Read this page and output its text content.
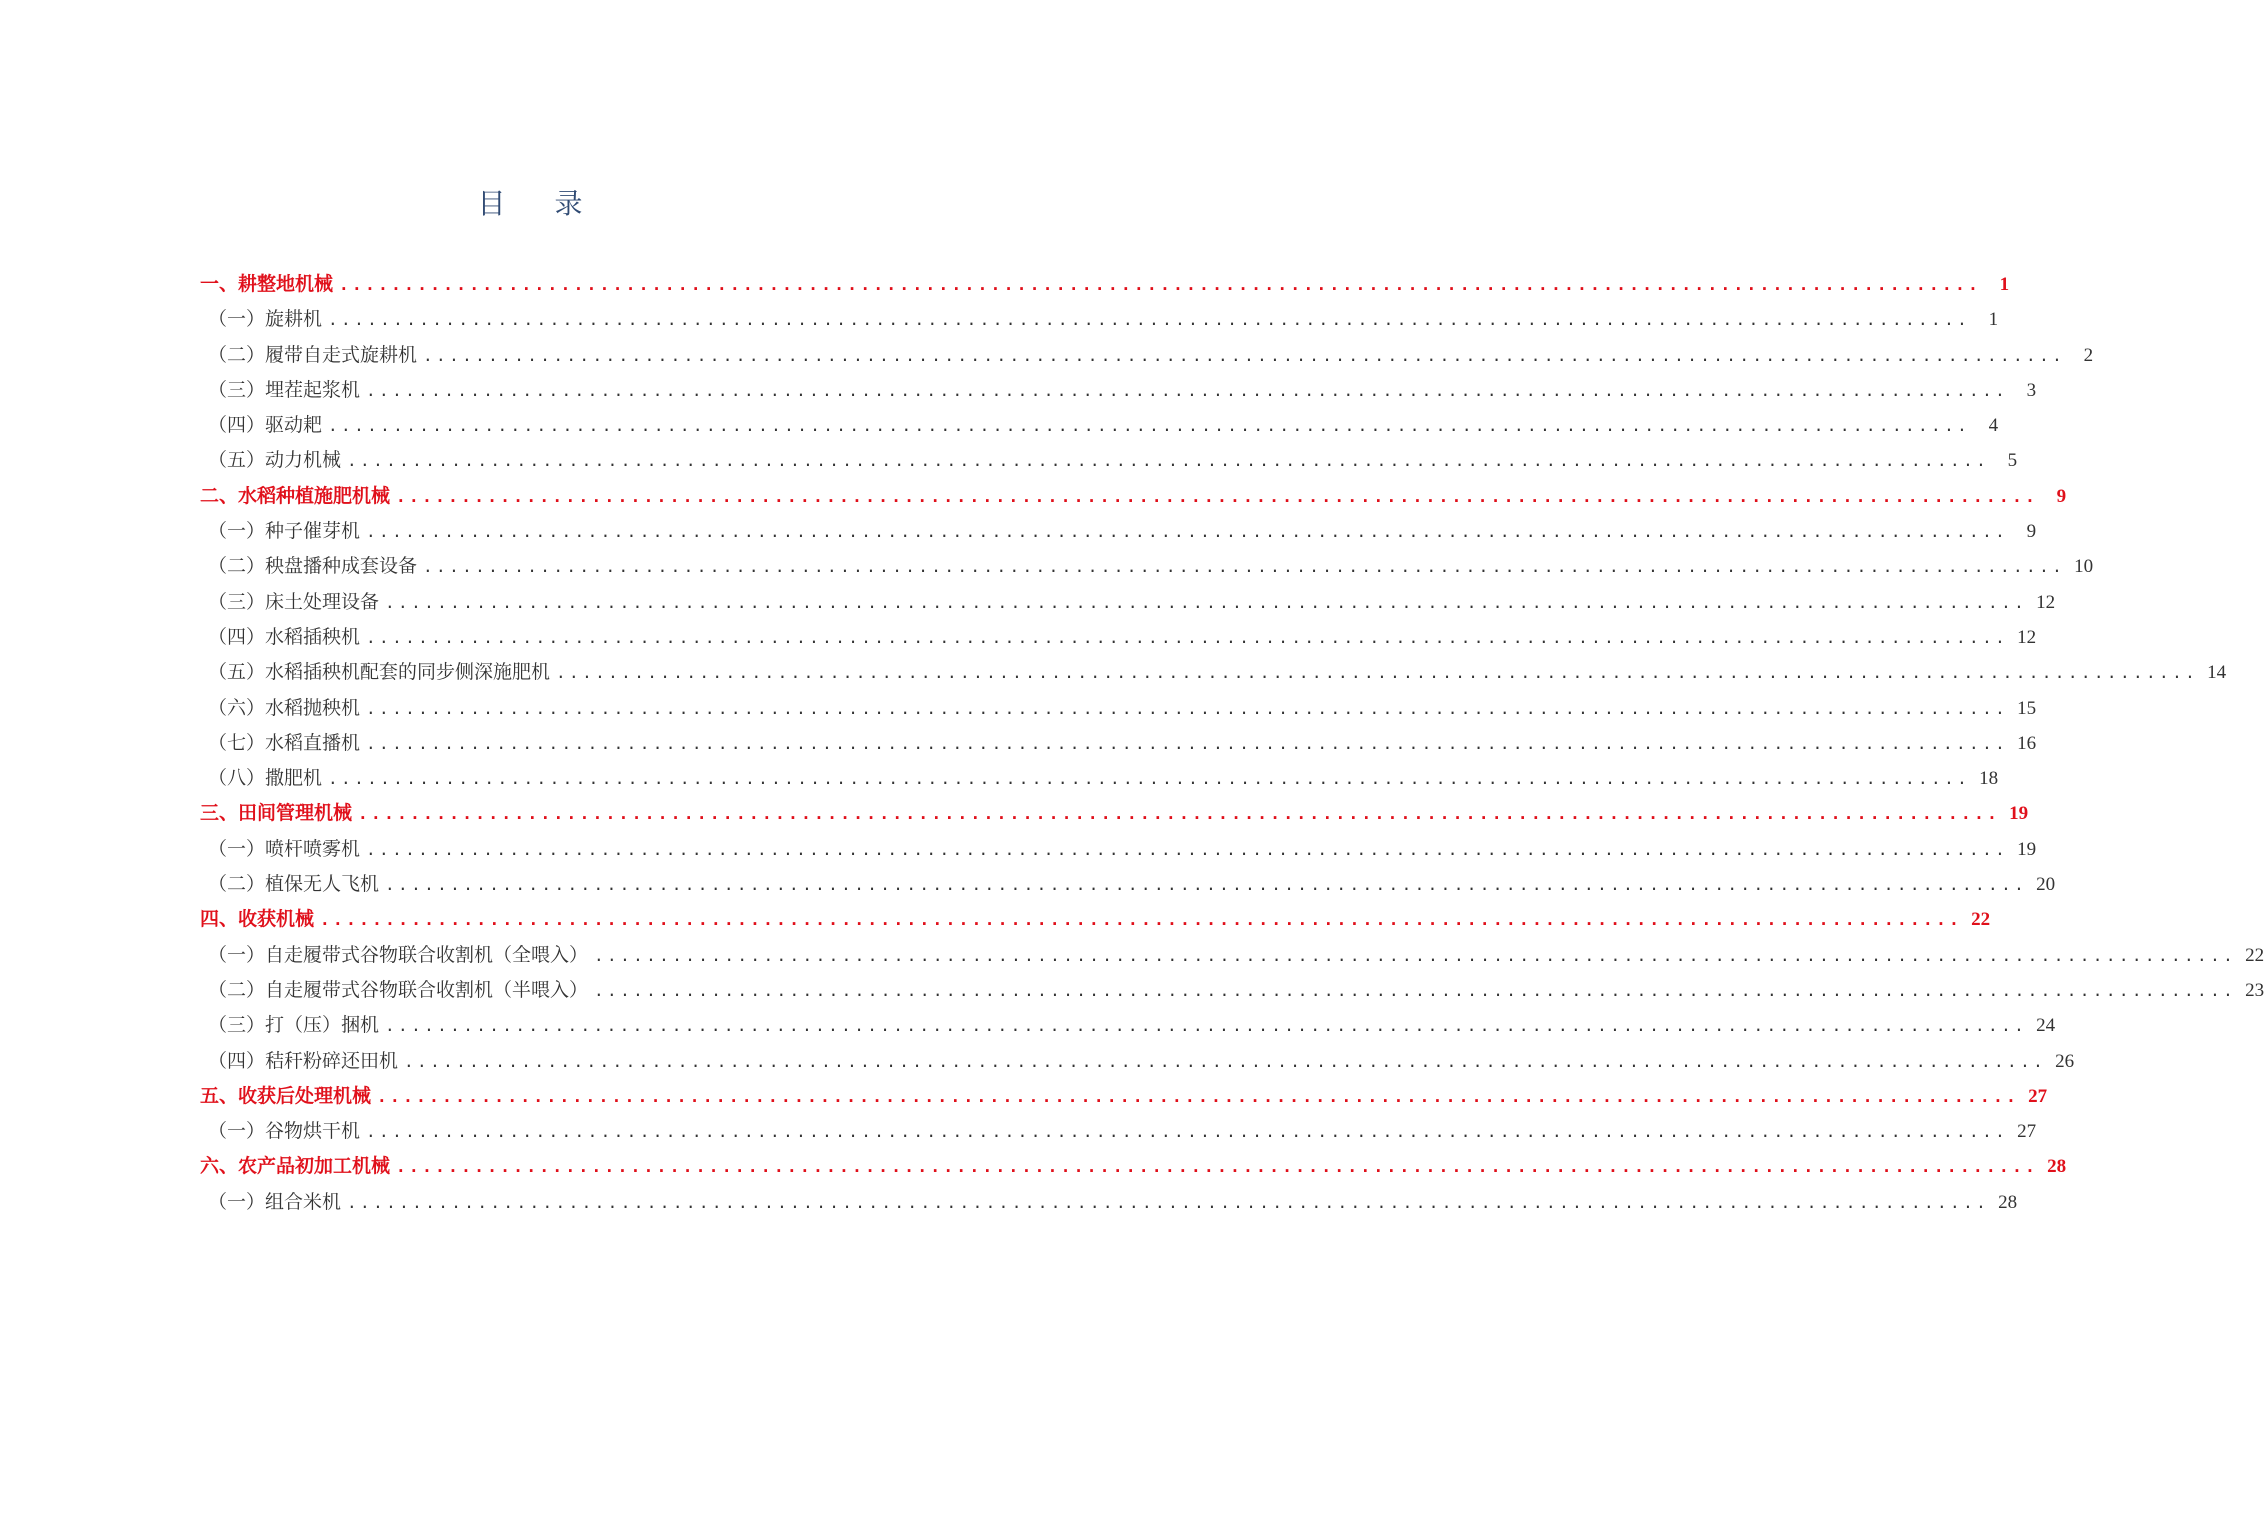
目 录
一、耕整地机械 .............................................................................................................................. 1
（一）旋耕机 .............................................................................................................................. 1
（二）履带自走式旋耕机 .............................................................................................................................. 2
（三）埋茬起浆机 .............................................................................................................................. 3
（四）驱动耙 .............................................................................................................................. 4
（五）动力机械 .............................................................................................................................. 5
二、水稻种植施肥机械 .............................................................................................................................. 9
（一）种子催芽机 .............................................................................................................................. 9
（二）秧盘播种成套设备 .............................................................................................................................. 10
（三）床土处理设备 .............................................................................................................................. 12
（四）水稻插秧机 .............................................................................................................................. 12
（五）水稻插秧机配套的同步侧深施肥机 .............................................................................................................................. 14
（六）水稻抛秧机 .............................................................................................................................. 15
（七）水稻直播机 .............................................................................................................................. 16
（八）撒肥机 .............................................................................................................................. 18
三、田间管理机械 .............................................................................................................................. 19
（一）喷杆喷雾机 .............................................................................................................................. 19
（二）植保无人飞机 .............................................................................................................................. 20
四、收获机械 .............................................................................................................................. 22
（一）自走履带式谷物联合收割机（全喂入） .............................................................................................................................. 22
（二）自走履带式谷物联合收割机（半喂入） .............................................................................................................................. 23
（三）打（压）捆机 .............................................................................................................................. 24
（四）秸秆粉碎还田机 .............................................................................................................................. 26
五、收获后处理机械 .............................................................................................................................. 27
（一）谷物烘干机 .............................................................................................................................. 27
六、农产品初加工机械 .............................................................................................................................. 28
（一）组合米机 .............................................................................................................................. 28
